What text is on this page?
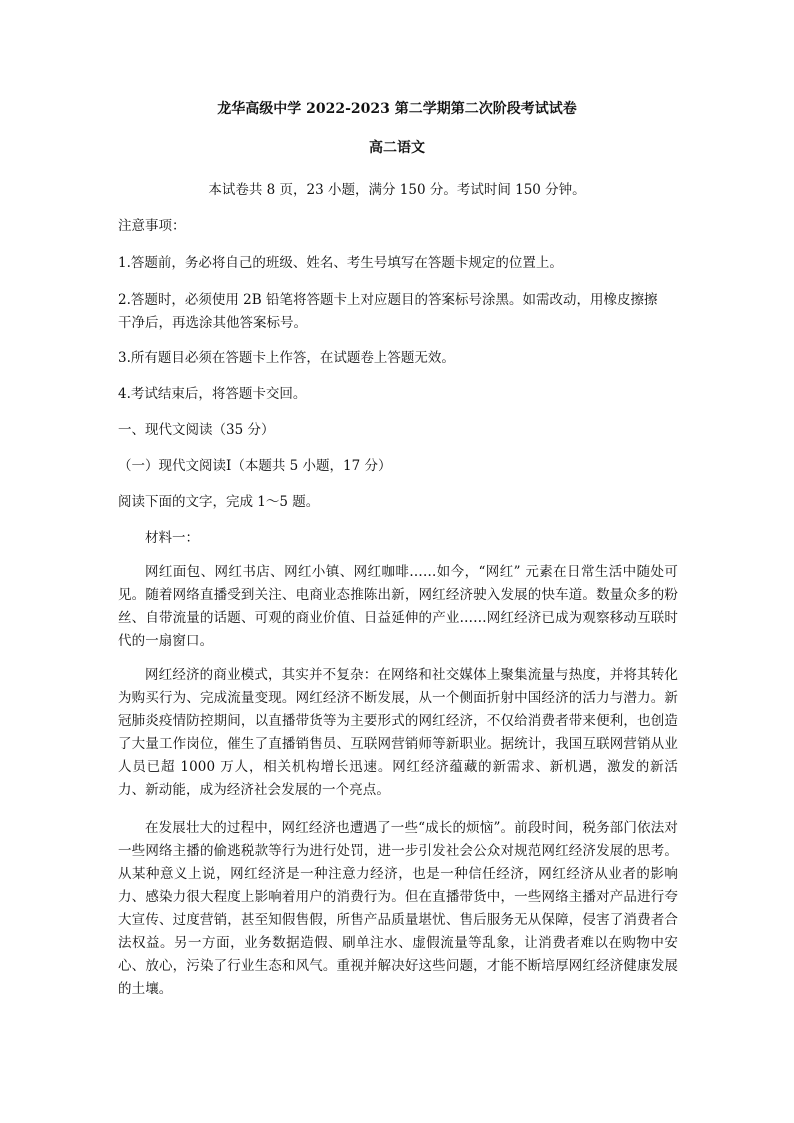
龙华高级中学 2022-2023 第二学期第二次阶段考试试卷
高二语文
本试卷共 8 页，23 小题，满分 150 分。考试时间 150 分钟。
注意事项：
1.答题前，务必将自己的班级、姓名、考生号填写在答题卡规定的位置上。
2.答题时，必须使用 2B 铅笔将答题卡上对应题目的答案标号涂黑。如需改动，用橡皮擦擦
干净后，再选涂其他答案标号。
3.所有题目必须在答题卡上作答，在试题卷上答题无效。
4.考试结束后，将答题卡交回。
一、现代文阅读（35 分）
（一）现代文阅读Ⅰ（本题共 5 小题，17 分）
阅读下面的文字，完成 1～5 题。
材料一：
网红面包、网红书店、网红小镇、网红咖啡……如今，“网红” 元素在日常生活中随处可见。随着网络直播受到关注、电商业态推陈出新，网红经济驶入发展的快车道。数量众多的粉丝、自带流量的话题、可观的商业价值、日益延伸的产业……网红经济已成为观察移动互联时代的一扇窗口。
网红经济的商业模式，其实并不复杂：在网络和社交媒体上聚集流量与热度，并将其转化为购买行为、完成流量变现。网红经济不断发展，从一个侧面折射中国经济的活力与潜力。新冠肺炎疫情防控期间，以直播带货等为主要形式的网红经济，不仅给消费者带来便利，也创造了大量工作岗位，催生了直播销售员、互联网营销师等新职业。据统计，我国互联网营销从业人员已超 1000 万人，相关机构增长迅速。网红经济蕴藏的新需求、新机遇，激发的新活力、新动能，成为经济社会发展的一个亮点。
在发展壮大的过程中，网红经济也遭遇了一些“成长的烦恼”。前段时间，税务部门依法对一些网络主播的偷逃税款等行为进行处罚，进一步引发社会公众对规范网红经济发展的思考。从某种意义上说，网红经济是一种注意力经济，也是一种信任经济，网红经济从业者的影响力、感染力很大程度上影响着用户的消费行为。但在直播带货中，一些网络主播对产品进行夸大宣传、过度营销，甚至知假售假，所售产品质量堪忧、售后服务无从保障，侵害了消费者合法权益。另一方面，业务数据造假、刷单注水、虚假流量等乱象，让消费者难以在购物中安心、放心，污染了行业生态和风气。重视并解决好这些问题，才能不断培厚网红经济健康发展的土壤。
